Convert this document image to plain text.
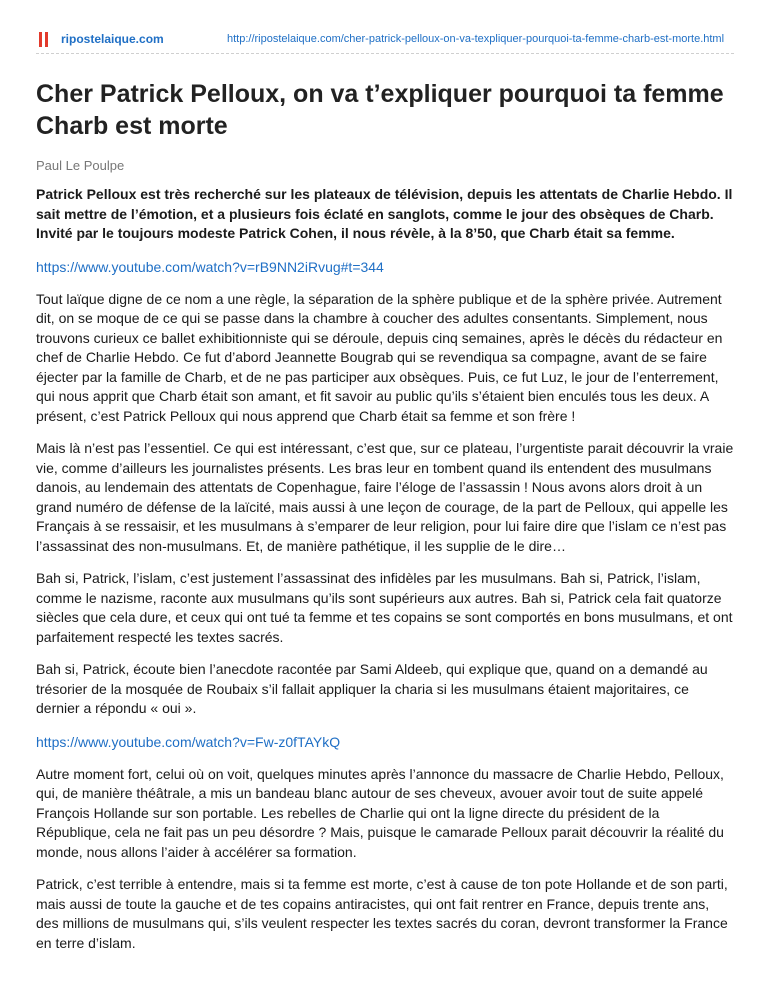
ripostelaique.com	http://ripostelaique.com/cher-patrick-pelloux-on-va-texpliquer-pourquoi-ta-femme-charb-est-morte.html
Cher Patrick Pelloux, on va t’expliquer pourquoi ta femme Charb est morte
Paul Le Poulpe

Patrick Pelloux est très recherché sur les plateaux de télévision, depuis les attentats de Charlie Hebdo. Il sait mettre de l’émotion, et a plusieurs fois éclaté en sanglots, comme le jour des obsèques de Charb. Invité par le toujours modeste Patrick Cohen, il nous révèle, à la 8’50, que Charb était sa femme.

https://www.youtube.com/watch?v=rB9NN2iRvug#t=344

Tout laïque digne de ce nom a une règle, la séparation de la sphère publique et de la sphère privée. Autrement dit, on se moque de ce qui se passe dans la chambre à coucher des adultes consentants. Simplement, nous trouvons curieux ce ballet exhibitionniste qui se déroule, depuis cinq semaines, après le décès du rédacteur en chef de Charlie Hebdo. Ce fut d’abord Jeannette Bougrab qui se revendiqua sa compagne, avant de se faire éjecter par la famille de Charb, et de ne pas participer aux obsèques. Puis, ce fut Luz, le jour de l’enterrement, qui nous apprit que Charb était son amant, et fit savoir au public qu’ils s’étaient bien enculés tous les deux. A présent, c’est Patrick Pelloux qui nous apprend que Charb était sa femme et son frère !

Mais là n’est pas l’essentiel. Ce qui est intéressant, c’est que, sur ce plateau, l’urgentiste parait découvrir la vraie vie, comme d’ailleurs les journalistes présents. Les bras leur en tombent quand ils entendent des musulmans danois, au lendemain des attentats de Copenhague, faire l’éloge de l’assassin ! Nous avons alors droit à un grand numéro de défense de la laïcité, mais aussi à une leçon de courage, de la part de Pelloux, qui appelle les Français à se ressaisir, et les musulmans à s’emparer de leur religion, pour lui faire dire que l’islam ce n’est pas l’assassinat des non-musulmans. Et, de manière pathétique, il les supplie de le dire…

Bah si, Patrick, l’islam, c’est justement l’assassinat des infidèles par les musulmans. Bah si, Patrick, l’islam, comme le nazisme, raconte aux musulmans qu’ils sont supérieurs aux autres. Bah si, Patrick cela fait quatorze siècles que cela dure, et ceux qui ont tué ta femme et tes copains se sont comportés en bons musulmans, et ont parfaitement respecté les textes sacrés.

Bah si, Patrick, écoute bien l’anecdote racontée par Sami Aldeeb, qui explique que, quand on a demandé au trésorier de la mosquée de Roubaix s’il fallait appliquer la charia si les musulmans étaient majoritaires, ce dernier a répondu « oui ».

https://www.youtube.com/watch?v=Fw-z0fTAYkQ

Autre moment fort, celui où on voit, quelques minutes après l’annonce du massacre de Charlie Hebdo, Pelloux, qui, de manière théâtrale, a mis un bandeau blanc autour de ses cheveux, avouer avoir tout de suite appelé François Hollande sur son portable. Les rebelles de Charlie qui ont la ligne directe du président de la République, cela ne fait pas un peu désordre ? Mais, puisque le camarade Pelloux parait découvrir la réalité du monde, nous allons l’aider à accélérer sa formation.

Patrick, c’est terrible à entendre, mais si ta femme est morte, c’est à cause de ton pote Hollande et de son parti, mais aussi de toute la gauche et de tes copains antiracistes, qui ont fait rentrer en France, depuis trente ans, des millions de musulmans qui, s’ils veulent respecter les textes sacrés du coran, devront transformer la France en terre d’islam.
